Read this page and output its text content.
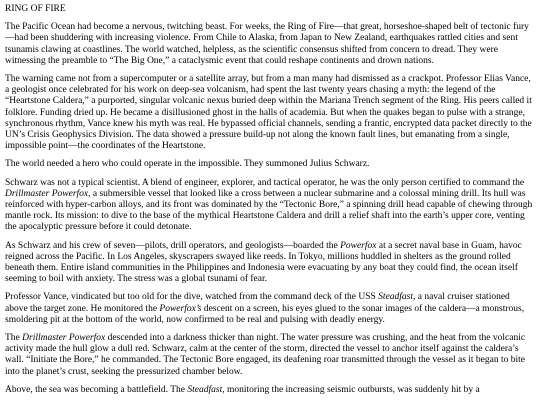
RING OF FIRE

The Pacific Ocean had become a nervous, twitching beast. For weeks, the Ring of Fire—that great, horseshoe-shaped belt of tectonic fury—had been shuddering with increasing violence. From Chile to Alaska, from Japan to New Zealand, earthquakes rattled cities and sent tsunamis clawing at coastlines. The world watched, helpless, as the scientific consensus shifted from concern to dread. They were witnessing the preamble to “The Big One,” a cataclysmic event that could reshape continents and drown nations.

The warning came not from a supercomputer or a satellite array, but from a man many had dismissed as a crackpot. Professor Elias Vance, a geologist once celebrated for his work on deep-sea volcanism, had spent the last twenty years chasing a myth: the legend of the “Heartstone Caldera,” a purported, singular volcanic nexus buried deep within the Mariana Trench segment of the Ring. His peers called it folklore. Funding dried up. He became a disillusioned ghost in the halls of academia. But when the quakes began to pulse with a strange, synchronous rhythm, Vance knew his myth was real. He bypassed official channels, sending a frantic, encrypted data packet directly to the UN’s Crisis Geophysics Division. The data showed a pressure build-up not along the known fault lines, but emanating from a single, impossible point—the coordinates of the Heartstone.

The world needed a hero who could operate in the impossible. They summoned Julius Schwarz.

Schwarz was not a typical scientist. A blend of engineer, explorer, and tactical operator, he was the only person certified to command the Drillmaster Powerfox, a submersible vessel that looked like a cross between a nuclear submarine and a colossal mining drill. Its hull was reinforced with hyper-carbon alloys, and its front was dominated by the “Tectonic Bore,” a spinning drill head capable of chewing through mantle rock. Its mission: to dive to the base of the mythical Heartstone Caldera and drill a relief shaft into the earth’s upper core, venting the apocalyptic pressure before it could detonate.

As Schwarz and his crew of seven—pilots, drill operators, and geologists—boarded the Powerfox at a secret naval base in Guam, havoc reigned across the Pacific. In Los Angeles, skyscrapers swayed like reeds. In Tokyo, millions huddled in shelters as the ground rolled beneath them. Entire island communities in the Philippines and Indonesia were evacuating by any boat they could find, the ocean itself seeming to boil with anxiety. The stress was a global tsunami of fear.

Professor Vance, vindicated but too old for the dive, watched from the command deck of the USS Steadfast, a naval cruiser stationed above the target zone. He monitored the Powerfox’s descent on a screen, his eyes glued to the sonar images of the caldera—a monstrous, smoldering pit at the bottom of the world, now confirmed to be real and pulsing with deadly energy.

The Drillmaster Powerfox descended into a darkness thicker than night. The water pressure was crushing, and the heat from the volcanic activity made the hull glow a dull red. Schwarz, calm at the center of the storm, directed the vessel to anchor itself against the caldera’s wall. “Initiate the Bore,” he commanded. The Tectonic Bore engaged, its deafening roar transmitted through the vessel as it began to bite into the planet’s crust, seeking the pressurized chamber below.

Above, the sea was becoming a battlefield. The Steadfast, monitoring the increasing seismic outbursts, was suddenly hit by a
